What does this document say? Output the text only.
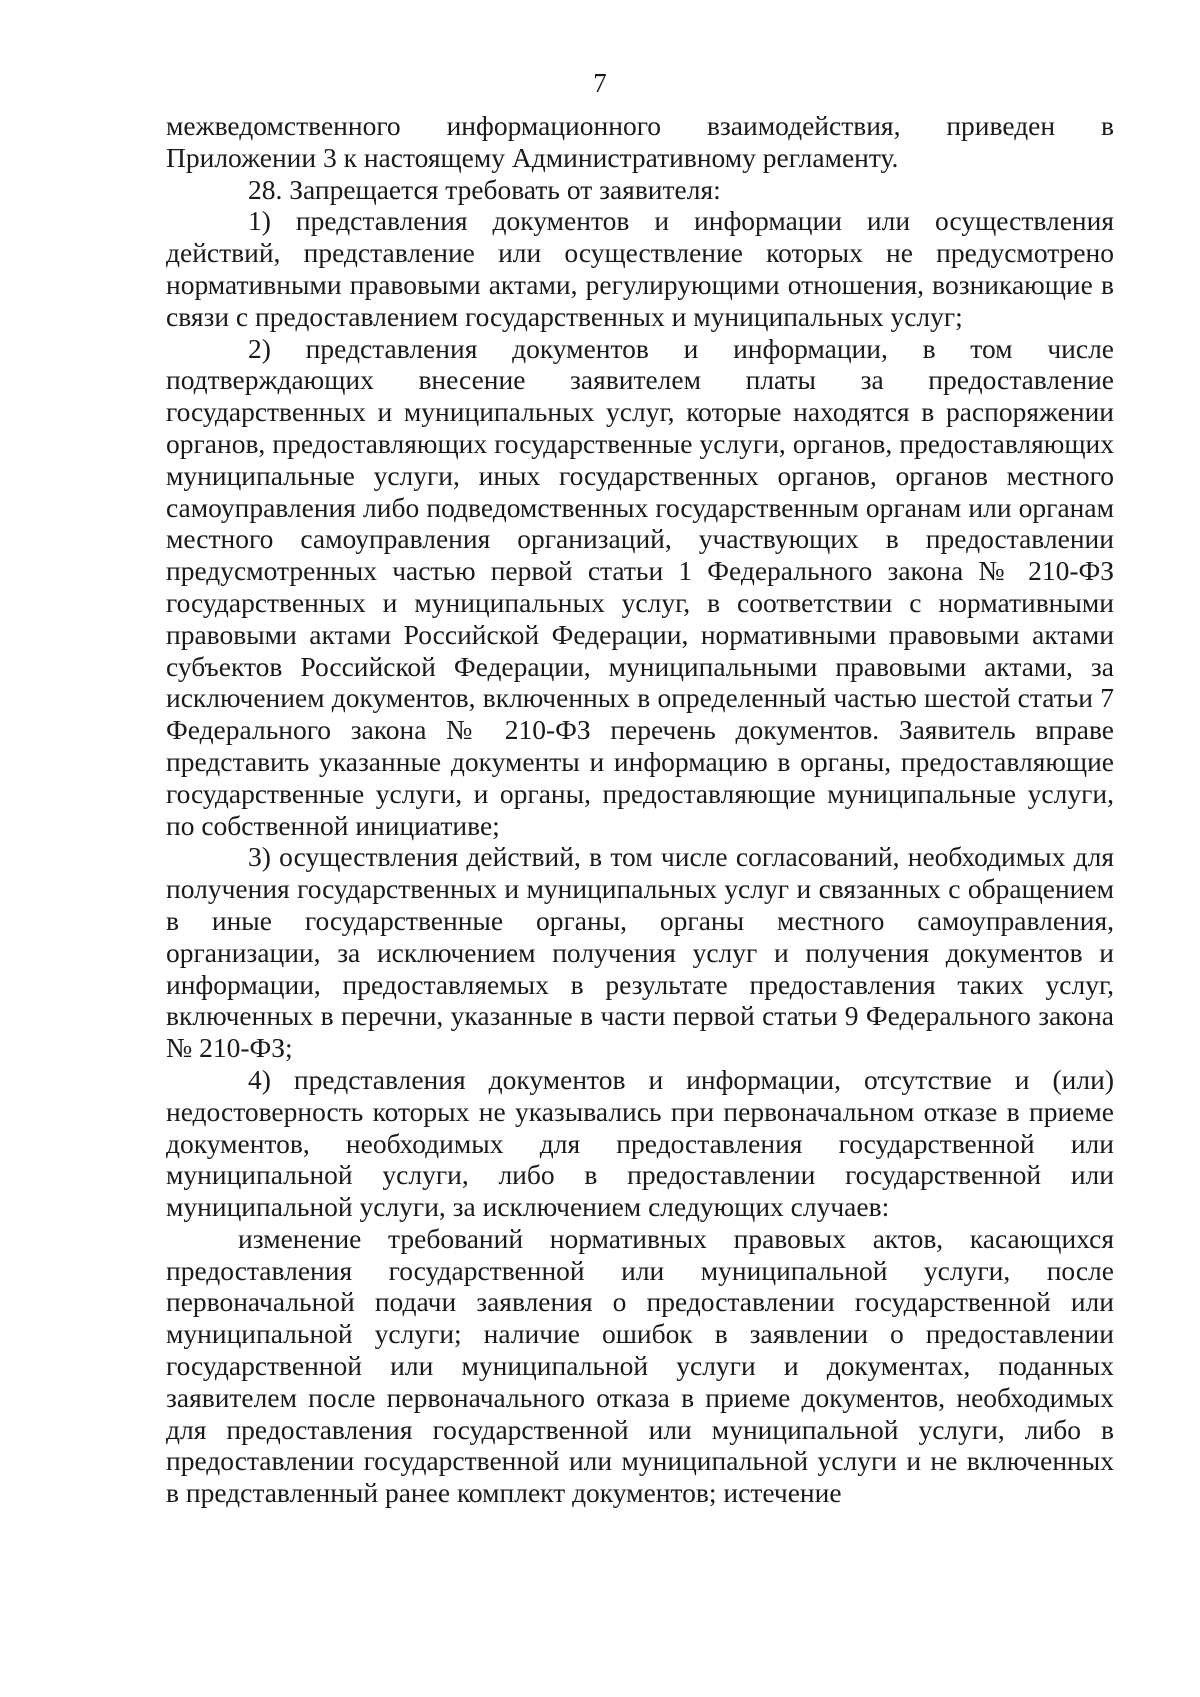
7

межведомственного информационного взаимодействия, приведен в Приложении 3 к настоящему Административному регламенту.

28. Запрещается требовать от заявителя:

1) представления документов и информации или осуществления действий, представление или осуществление которых не предусмотрено нормативными правовыми актами, регулирующими отношения, возникающие в связи с предоставлением государственных и муниципальных услуг;

2) представления документов и информации, в том числе подтверждающих внесение заявителем платы за предоставление государственных и муниципальных услуг, которые находятся в распоряжении органов, предоставляющих государственные услуги, органов, предоставляющих муниципальные услуги, иных государственных органов, органов местного самоуправления либо подведомственных государственным органам или органам местного самоуправления организаций, участвующих в предоставлении предусмотренных частью первой статьи 1 Федерального закона № 210-ФЗ государственных и муниципальных услуг, в соответствии с нормативными правовыми актами Российской Федерации, нормативными правовыми актами субъектов Российской Федерации, муниципальными правовыми актами, за исключением документов, включенных в определенный частью шестой статьи 7 Федерального закона № 210-ФЗ перечень документов. Заявитель вправе представить указанные документы и информацию в органы, предоставляющие государственные услуги, и органы, предоставляющие муниципальные услуги, по собственной инициативе;

3) осуществления действий, в том числе согласований, необходимых для получения государственных и муниципальных услуг и связанных с обращением в иные государственные органы, органы местного самоуправления, организации, за исключением получения услуг и получения документов и информации, предоставляемых в результате предоставления таких услуг, включенных в перечни, указанные в части первой статьи 9 Федерального закона № 210-ФЗ;

4) представления документов и информации, отсутствие и (или) недостоверность которых не указывались при первоначальном отказе в приеме документов, необходимых для предоставления государственной или муниципальной услуги, либо в предоставлении государственной или муниципальной услуги, за исключением следующих случаев:

изменение требований нормативных правовых актов, касающихся предоставления государственной или муниципальной услуги, после первоначальной подачи заявления о предоставлении государственной или муниципальной услуги; наличие ошибок в заявлении о предоставлении государственной или муниципальной услуги и документах, поданных заявителем после первоначального отказа в приеме документов, необходимых для предоставления государственной или муниципальной услуги, либо в предоставлении государственной или муниципальной услуги и не включенных в представленный ранее комплект документов; истечение
